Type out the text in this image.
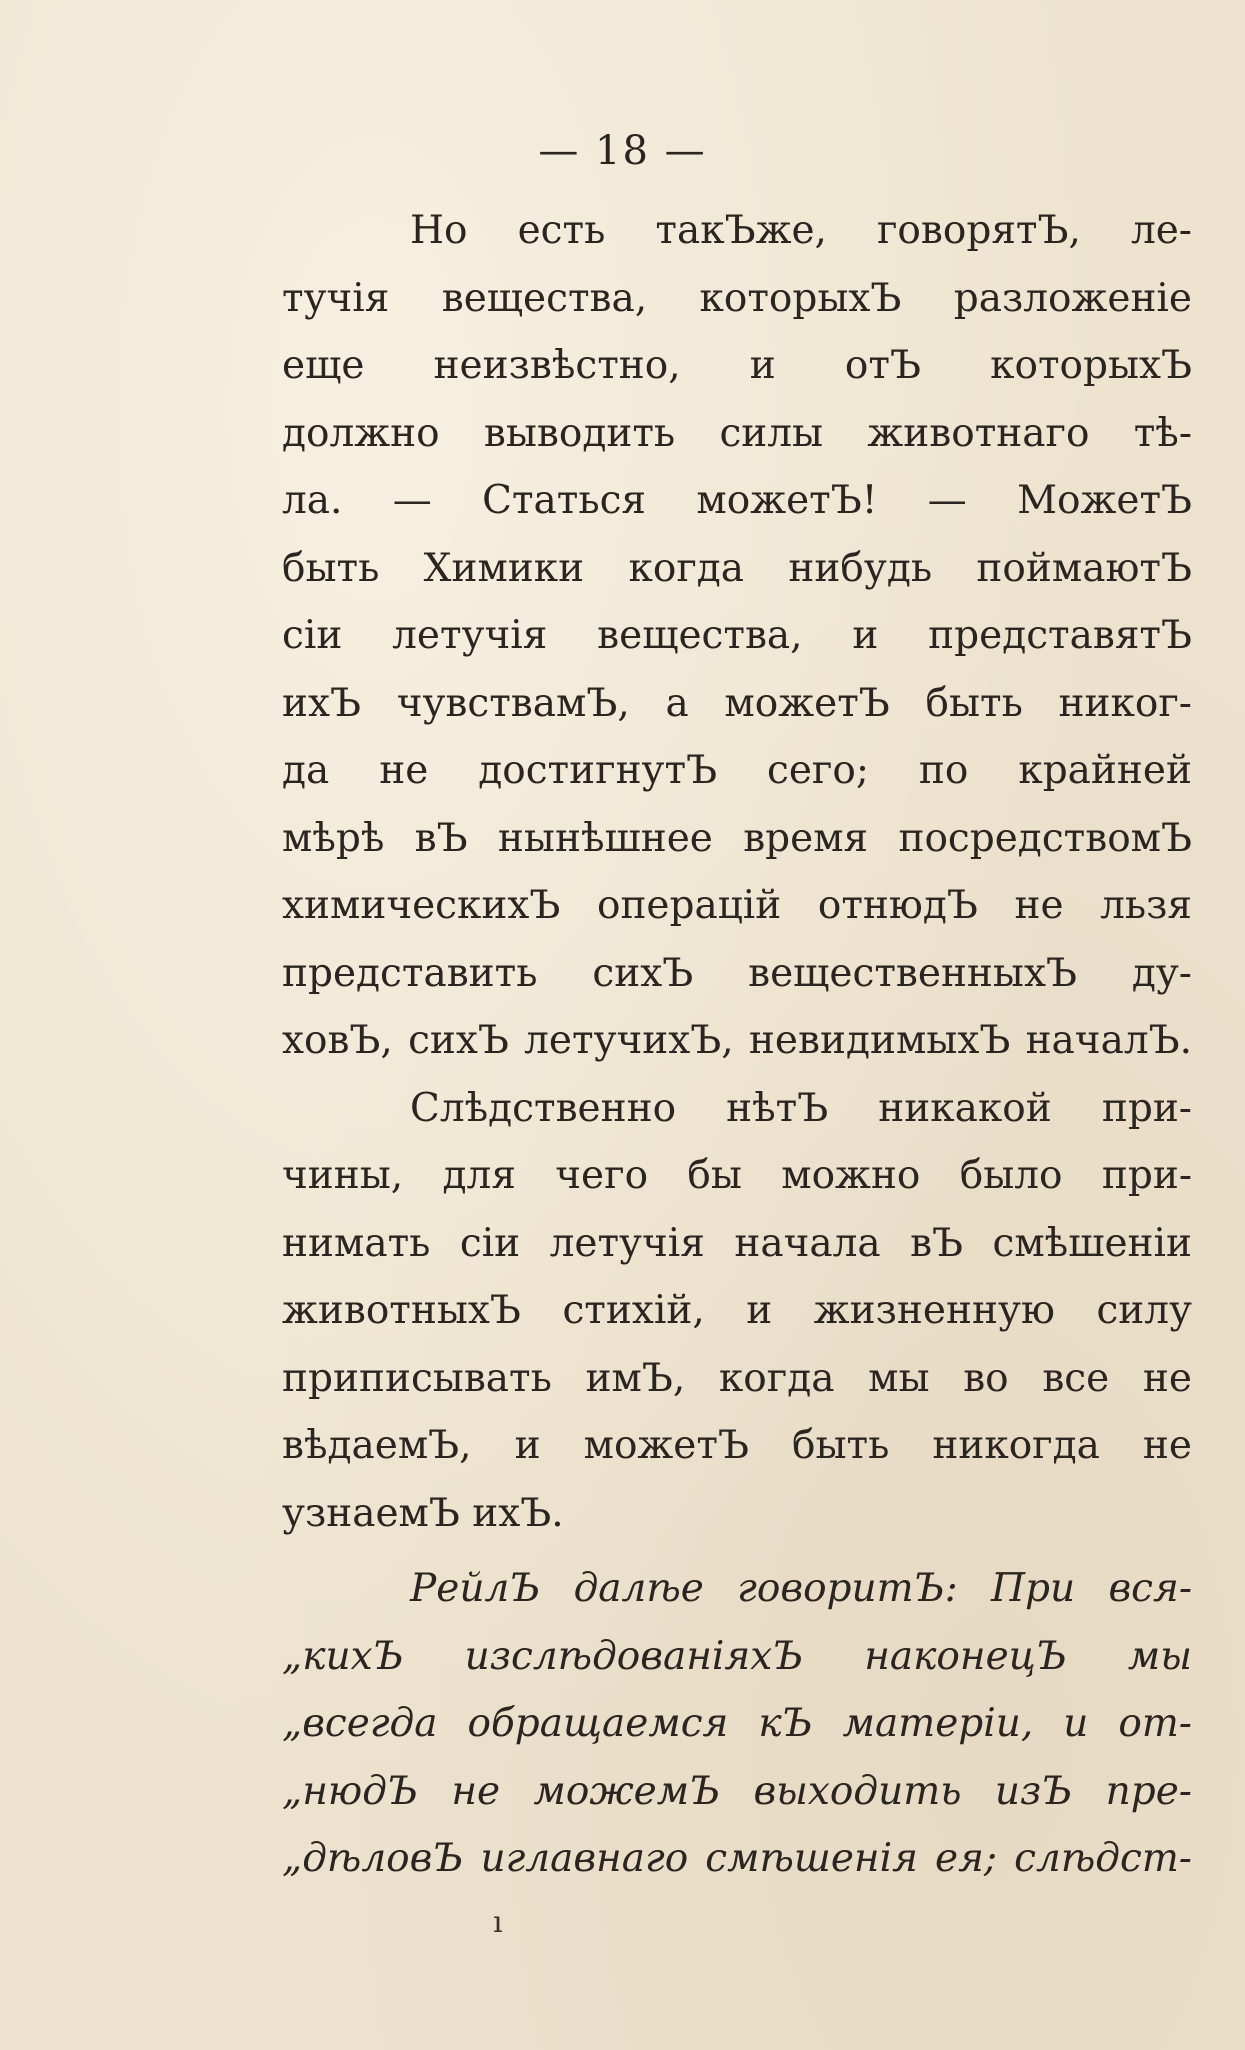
— 18 —
Но есть такЪже, говорятЪ, ле-
тучія вещества, которыхЪ разложеніе
еще неизвѣстно, и отЪ которыхЪ
должно выводить силы животнаго тѣ-
ла. — Статься можетЪ! — МожетЪ
быть Химики когда нибудь поймаютЪ
сіи летучія вещества, и представятЪ
ихЪ чувствамЪ, а можетЪ быть никог-
да не достигнутЪ сего; по крайней
мѣрѣ вЪ нынѣшнее время посредствомЪ
химическихЪ операцій отнюдЪ не льзя
представить сихЪ вещественныхЪ ду-
ховЪ, сихЪ летучихЪ, невидимыхЪ началЪ.
Слѣдственно нѣтЪ никакой при-
чины, для чего бы можно было при-
нимать сіи летучія начала вЪ смѣшеніи
животныхЪ стихій, и жизненную силу
приписывать имЪ, когда мы во все не
вѣдаемЪ, и можетЪ быть никогда не
узнаемЪ ихЪ.
РейлЪ далѣе говоритЪ: При вся-
„кихЪ изслѣдованіяхЪ наконецЪ мы
„всегда обращаемся кЪ матеріи, и от-
„нюдЪ не можемЪ выходить изЪ пре-
„дѣловЪ иглавнаго смѣшенія ея; слѣдст-
ı
